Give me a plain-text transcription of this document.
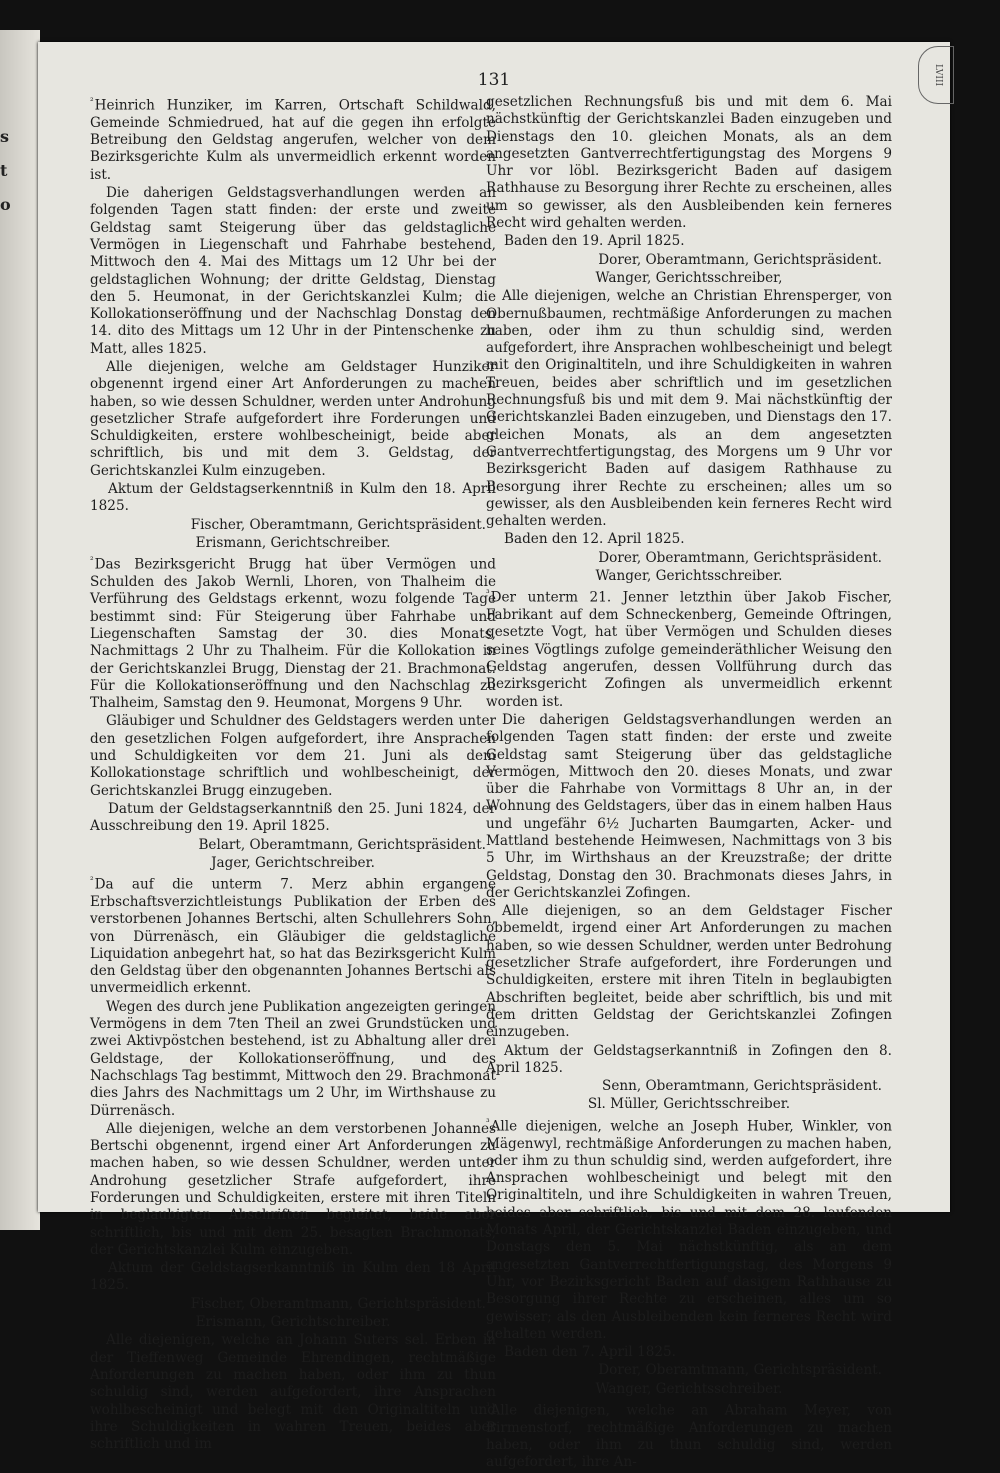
s
t
o
131	LVIII

² Heinrich Hunziker, im Karren, Ortschaft Schildwald, Gemeinde Schmiedrued, hat auf die gegen ihn erfolgte Betreibung den Geldstag angerufen, welcher von dem Bezirksgerichte Kulm als unvermeidlich erkennt worden ist.

Die daherigen Geldstagsverhandlungen werden an folgenden Tagen statt finden: der erste und zweite Geldstag samt Steigerung über das geldstagliche Vermögen in Liegenschaft und Fahrhabe bestehend, Mittwoch den 4. Mai des Mittags um 12 Uhr bei der geldstaglichen Wohnung; der dritte Geldstag, Dienstag den 5. Heumonat, in der Gerichtskanzlei Kulm; die Kollokationseröffnung und der Nachschlag Donstag den 14. dito des Mittags um 12 Uhr in der Pintenschenke zu Matt, alles 1825.

Alle diejenigen, welche am Geldstager Hunziker obgenennt irgend einer Art Anforderungen zu machen haben, so wie dessen Schuldner, werden unter Androhung gesetzlicher Strafe aufgefordert ihre Forderungen und Schuldigkeiten, erstere wohlbescheinigt, beide aber schriftlich, bis und mit dem 3. Geldstag, der Gerichtskanzlei Kulm einzugeben.

Aktum der Geldstagserkenntniß in Kulm den 18. April 1825.

Fischer, Oberamtmann, Gerichtspräsident.

Erismann, Gerichtschreiber.

² Das Bezirksgericht Brugg hat über Vermögen und Schulden des Jakob Wernli, Lhoren, von Thalheim die Verführung des Geldstags erkennt, wozu folgende Tage bestimmt sind: Für Steigerung über Fahrhabe und Liegenschaften Samstag der 30. dies Monats, Nachmittags 2 Uhr zu Thalheim. Für die Kollokation in der Gerichtskanzlei Brugg, Dienstag der 21. Brachmonat. Für die Kollokationseröffnung und den Nachschlag zu Thalheim, Samstag den 9. Heumonat, Morgens 9 Uhr.

Gläubiger und Schuldner des Geldstagers werden unter den gesetzlichen Folgen aufgefordert, ihre Ansprachen und Schuldigkeiten vor dem 21. Juni als dem Kollokationstage schriftlich und wohlbescheinigt, der Gerichtskanzlei Brugg einzugeben.

Datum der Geldstagserkanntniß den 25. Juni 1824, der Ausschreibung den 19. April 1825.

Belart, Oberamtmann, Gerichtspräsident.

Jager, Gerichtschreiber.

² Da auf die unterm 7. Merz abhin ergangene Erbschaftsverzichtleistungs Publikation der Erben des verstorbenen Johannes Bertschi, alten Schullehrers Sohn, von Dürrenäsch, ein Gläubiger die geldstagliche Liquidation anbegehrt hat, so hat das Bezirksgericht Kulm den Geldstag über den obgenannten Johannes Bertschi als unvermeidlich erkennt.

Wegen des durch jene Publikation angezeigten geringen Vermögens in dem 7ten Theil an zwei Grundstücken und zwei Aktivpöstchen bestehend, ist zu Abhaltung aller drei Geldstage, der Kollokationseröffnung, und des Nachschlags Tag bestimmt, Mittwoch den 29. Brachmonat dies Jahrs des Nachmittags um 2 Uhr, im Wirthshause zu Dürrenäsch.

Alle diejenigen, welche an dem verstorbenen Johannes Bertschi obgenennt, irgend einer Art Anforderungen zu machen haben, so wie dessen Schuldner, werden unter Androhung gesetzlicher Strafe aufgefordert, ihre Forderungen und Schuldigkeiten, erstere mit ihren Titeln in beglaubigten Abschriften begleitet, beide aber schriftlich, bis und mit dem 25. besagten Brachmonats, der Gerichtskanzlei Kulm einzugeben.

Aktum der Geldstagserkanntniß in Kulm den 18 April 1825.

Fischer, Oberamtmann, Gerichtspräsident.

Erismann, Gerichtschreiber.

Alle diejenigen, welche an Johann Suters sel. Erben in der Tieffenweg Gemeinde Ehrendingen, rechtmäßige Anforderungen zu machen haben, oder ihm zu thun schuldig sind, werden aufgefordert, ihre Ansprachen wohlbescheinigt und belegt mit den Originaltiteln und ihre Schuldigkeiten in wahren Treuen, beides aber schriftlich und im

gesetzlichen Rechnungsfuß bis und mit dem 6. Mai nächstkünftig der Gerichtskanzlei Baden einzugeben und Dienstags den 10. gleichen Monats, als an dem angesetzten Gantverrechtfertigungstag des Morgens 9 Uhr vor löbl. Bezirksgericht Baden auf dasigem Rathhause zu Besorgung ihrer Rechte zu erscheinen, alles um so gewisser, als den Ausbleibenden kein ferneres Recht wird gehalten werden.

Baden den 19. April 1825.

Dorer, Oberamtmann, Gerichtspräsident.

Wanger, Gerichtsschreiber,

Alle diejenigen, welche an Christian Ehrensperger, von Obernußbaumen, rechtmäßige Anforderungen zu machen haben, oder ihm zu thun schuldig sind, werden aufgefordert, ihre Ansprachen wohlbescheinigt und belegt mit den Originaltiteln, und ihre Schuldigkeiten in wahren Treuen, beides aber schriftlich und im gesetzlichen Rechnungsfuß bis und mit dem 9. Mai nächstkünftig der Gerichtskanzlei Baden einzugeben, und Dienstags den 17. gleichen Monats, als an dem angesetzten Gantverrechtfertigungstag, des Morgens um 9 Uhr vor Bezirksgericht Baden auf dasigem Rathhause zu Besorgung ihrer Rechte zu erscheinen; alles um so gewisser, als den Ausbleibenden kein ferneres Recht wird gehalten werden.

Baden den 12. April 1825.

Dorer, Oberamtmann, Gerichtspräsident.

Wanger, Gerichtsschreiber.

³ Der unterm 21. Jenner letzthin über Jakob Fischer, Fabrikant auf dem Schneckenberg, Gemeinde Oftringen, gesetzte Vogt, hat über Vermögen und Schulden dieses seines Vögtlings zufolge gemeinderäthlicher Weisung den Geldstag angerufen, dessen Vollführung durch das Bezirksgericht Zofingen als unvermeidlich erkennt worden ist.

Die daherigen Geldstagsverhandlungen werden an folgenden Tagen statt finden: der erste und zweite Geldstag samt Steigerung über das geldstagliche Vermögen, Mittwoch den 20. dieses Monats, und zwar über die Fahrhabe von Vormittags 8 Uhr an, in der Wohnung des Geldstagers, über das in einem halben Haus und ungefähr 6½ Jucharten Baumgarten, Acker- und Mattland bestehende Heimwesen, Nachmittags von 3 bis 5 Uhr, im Wirthshaus an der Kreuzstraße; der dritte Geldstag, Donstag den 30. Brachmonats dieses Jahrs, in der Gerichtskanzlei Zofingen.

Alle diejenigen, so an dem Geldstager Fischer obbemeldt, irgend einer Art Anforderungen zu machen haben, so wie dessen Schuldner, werden unter Bedrohung gesetzlicher Strafe aufgefordert, ihre Forderungen und Schuldigkeiten, erstere mit ihren Titeln in beglaubigten Abschriften begleitet, beide aber schriftlich, bis und mit dem dritten Geldstag der Gerichtskanzlei Zofingen einzugeben.

Aktum der Geldstagserkanntniß in Zofingen den 8. April 1825.

Senn, Oberamtmann, Gerichtspräsident.

Sl. Müller, Gerichtsschreiber.

³ Alle diejenigen, welche an Joseph Huber, Winkler, von Mägenwyl, rechtmäßige Anforderungen zu machen haben, oder ihm zu thun schuldig sind, werden aufgefordert, ihre Ansprachen wohlbescheinigt und belegt mit den Originaltiteln, und ihre Schuldigkeiten in wahren Treuen, beides aber schriftlich, bis und mit dem 28. laufenden Monats April, der Gerichtskanzlei Baden einzugeben, und Donstags den 5. Mai nächstkünftig, als an dem angesetzten Gantverrechtfertigungstag, des Morgens 9 Uhr, vor Bezirksgericht Baden auf dasigem Rathhause zu Besorgung ihrer Rechte zu erscheinen, alles um so gewisser; als den Ausbleibenden kein ferneres Recht wird gehalten werden.

Baden den 7. April 1825.

Dorer, Oberamtmann, Gerichtspräsident.

Wanger, Gerichtsschreiber.

³ Alle diejenigen, welche an Abraham Meyer, von Birmenstorf, rechtmäßige Anforderungen zu machen haben, oder ihm zu thun schuldig sind, werden aufgefordert, ihre An-
